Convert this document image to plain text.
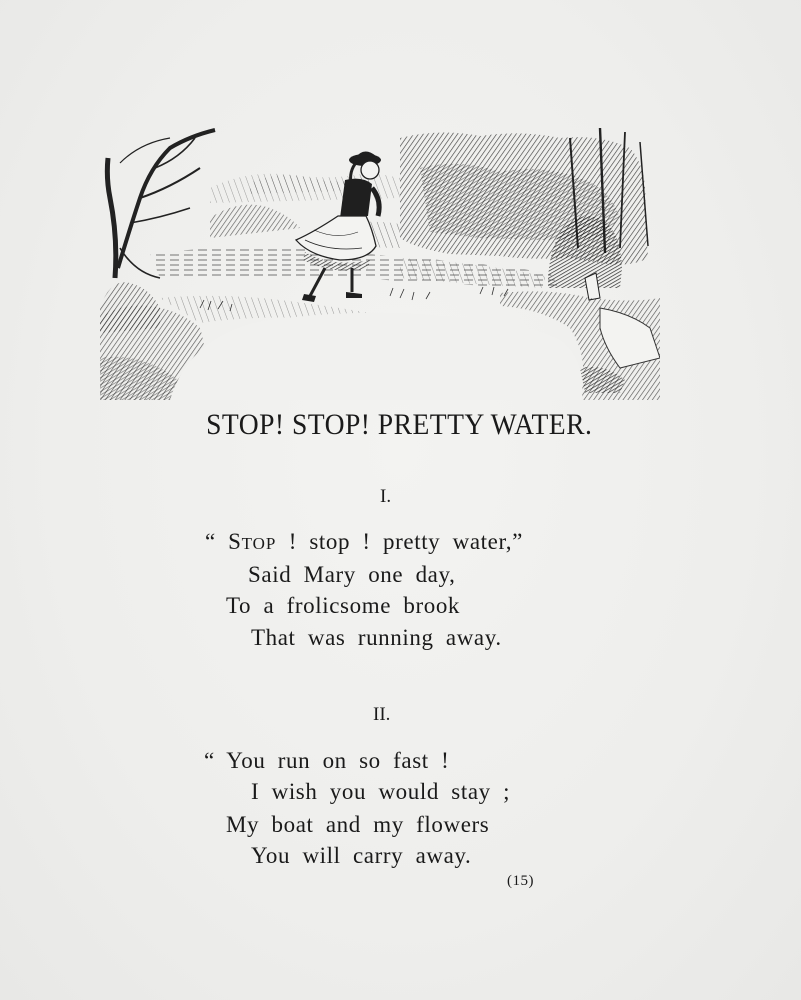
STOP! STOP! PRETTY WATER.
I.
“ STOP ! stop ! pretty water,”
Said Mary one day,
To a frolicsome brook
That was running away.
II.
“ You run on so fast !
I wish you would stay ;
My boat and my flowers
You will carry away.
(15)
